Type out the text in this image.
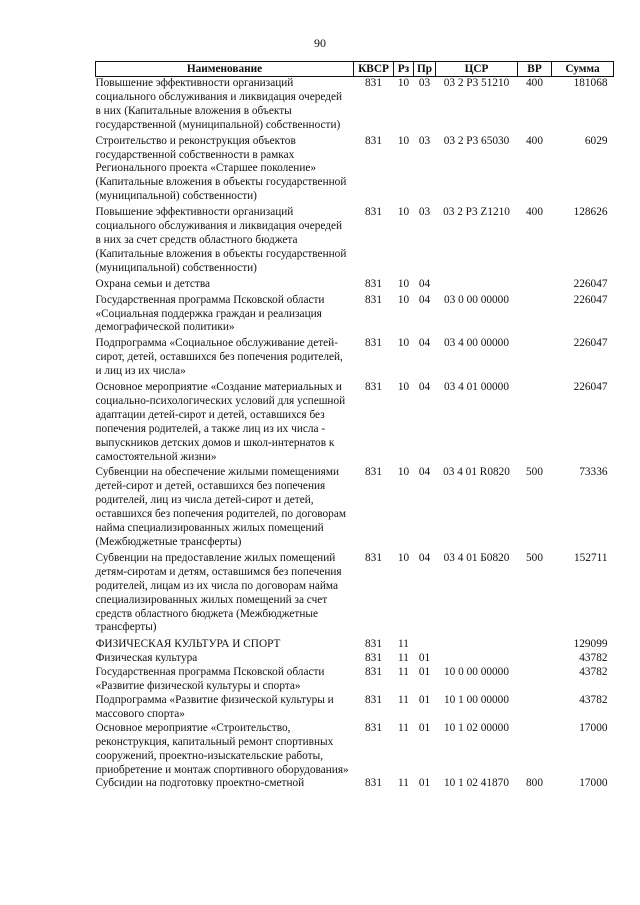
90
Наименование	КВСР	Рз	Пр	ЦСР	ВР	Сумма
Повышение эффективности организаций социального обслуживания и ликвидация очередей в них (Капитальные вложения в объекты государственной (муниципальной) собственности)	831	10	03	03 2 Р3 51210	400	181068
Строительство и реконструкция объектов государственной собственности в рамках Регионального проекта «Старшее поколение» (Капитальные вложения в объекты государственной (муниципальной) собственности)	831	10	03	03 2 Р3 65030	400	6029
Повышение эффективности организаций социального обслуживания и ликвидация очередей в них за счет средств областного бюджета (Капитальные вложения в объекты государственной (муниципальной) собственности)	831	10	03	03 2 Р3 Z1210	400	128626
Охрана семьи и детства	831	10	04			226047
Государственная программа Псковской области «Социальная поддержка граждан и реализация демографической политики»	831	10	04	03 0 00 00000		226047
Подпрограмма «Социальное обслуживание детей-сирот, детей, оставшихся без попечения родителей, и лиц из их числа»	831	10	04	03 4 00 00000		226047
Основное мероприятие «Создание материальных и социально-психологических условий для успешной адаптации детей-сирот и детей, оставшихся без попечения родителей, а также лиц из их числа - выпускников детских домов и школ-интернатов к самостоятельной жизни»	831	10	04	03 4 01 00000		226047
Субвенции на обеспечение жилыми помещениями детей-сирот и детей, оставшихся без попечения родителей, лиц из числа детей-сирот и детей, оставшихся без попечения родителей, по договорам найма специализированных жилых помещений (Межбюджетные трансферты)	831	10	04	03 4 01 R0820	500	73336
Субвенции на предоставление жилых помещений детям-сиротам и детям, оставшимся без попечения родителей, лицам из их числа по договорам найма специализированных жилых помещений за счет средств областного бюджета (Межбюджетные трансферты)	831	10	04	03 4 01 Б0820	500	152711
ФИЗИЧЕСКАЯ КУЛЬТУРА И СПОРТ	831	11				129099
Физическая культура	831	11	01			43782
Государственная программа Псковской области «Развитие физической культуры и спорта»	831	11	01	10 0 00 00000		43782
Подпрограмма «Развитие физической культуры и массового спорта»	831	11	01	10 1 00 00000		43782
Основное мероприятие «Строительство, реконструкция, капитальный ремонт спортивных сооружений, проектно-изыскательские работы, приобретение и монтаж спортивного оборудования»	831	11	01	10 1 02 00000		17000
Субсидии на подготовку проектно-сметной	831	11	01	10 1 02 41870	800	17000
